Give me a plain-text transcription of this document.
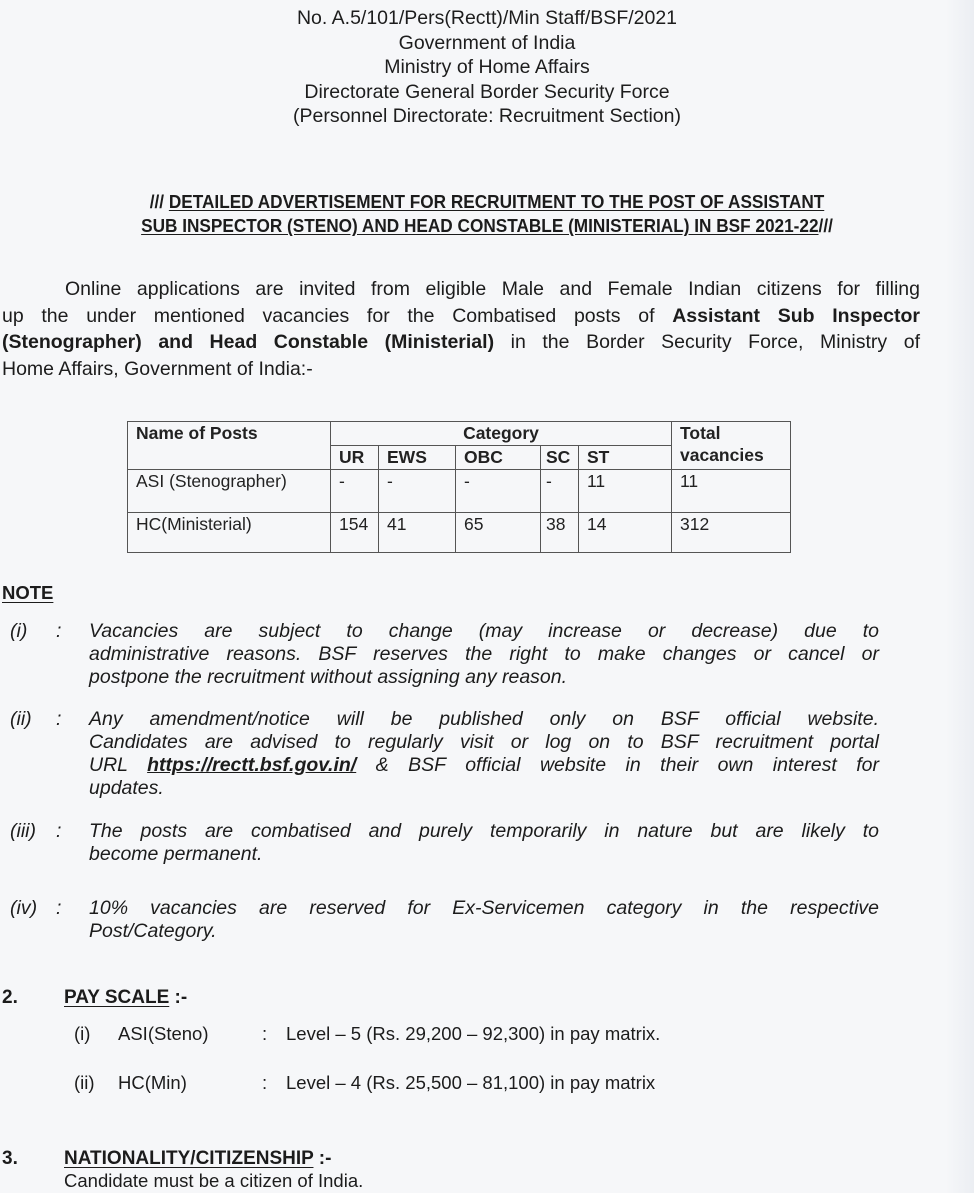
No. A.5/101/Pers(Rectt)/Min Staff/BSF/2021
Government of India
Ministry of Home Affairs
Directorate General Border Security Force
(Personnel Directorate: Recruitment Section)
/// DETAILED ADVERTISEMENT FOR RECRUITMENT TO THE POST OF ASSISTANT
SUB INSPECTOR (STENO) AND HEAD CONSTABLE (MINISTERIAL) IN BSF 2021-22///
Online applications are invited from eligible Male and Female Indian citizens for filling
up the under mentioned vacancies for the Combatised posts of Assistant Sub Inspector
(Stenographer) and Head Constable (Ministerial) in the Border Security Force, Ministry of
Home Affairs, Government of India:-
Name of Posts	Category					Total
vacancies
	UR	EWS	OBC	SC	ST	
ASI (Stenographer)	-	-	-	-	11	11
HC(Ministerial)	154	41	65	38	14	312
NOTE
(i) : Vacancies are subject to change (may increase or decrease) due to
administrative reasons. BSF reserves the right to make changes or cancel or
postpone the recruitment without assigning any reason.
(ii) : Any amendment/notice will be published only on BSF official website.
Candidates are advised to regularly visit or log on to BSF recruitment portal
URL https://rectt.bsf.gov.in/ & BSF official website in their own interest for
updates.
(iii) : The posts are combatised and purely temporarily in nature but are likely to
become permanent.
(iv) : 10% vacancies are reserved for Ex-Servicemen category in the respective
Post/Category.
2. PAY SCALE :-
(i) ASI(Steno)	: Level – 5 (Rs. 29,200 – 92,300) in pay matrix.
(ii) HC(Min)	: Level – 4 (Rs. 25,500 – 81,100) in pay matrix
3. NATIONALITY/CITIZENSHIP :-
Candidate must be a citizen of India.
